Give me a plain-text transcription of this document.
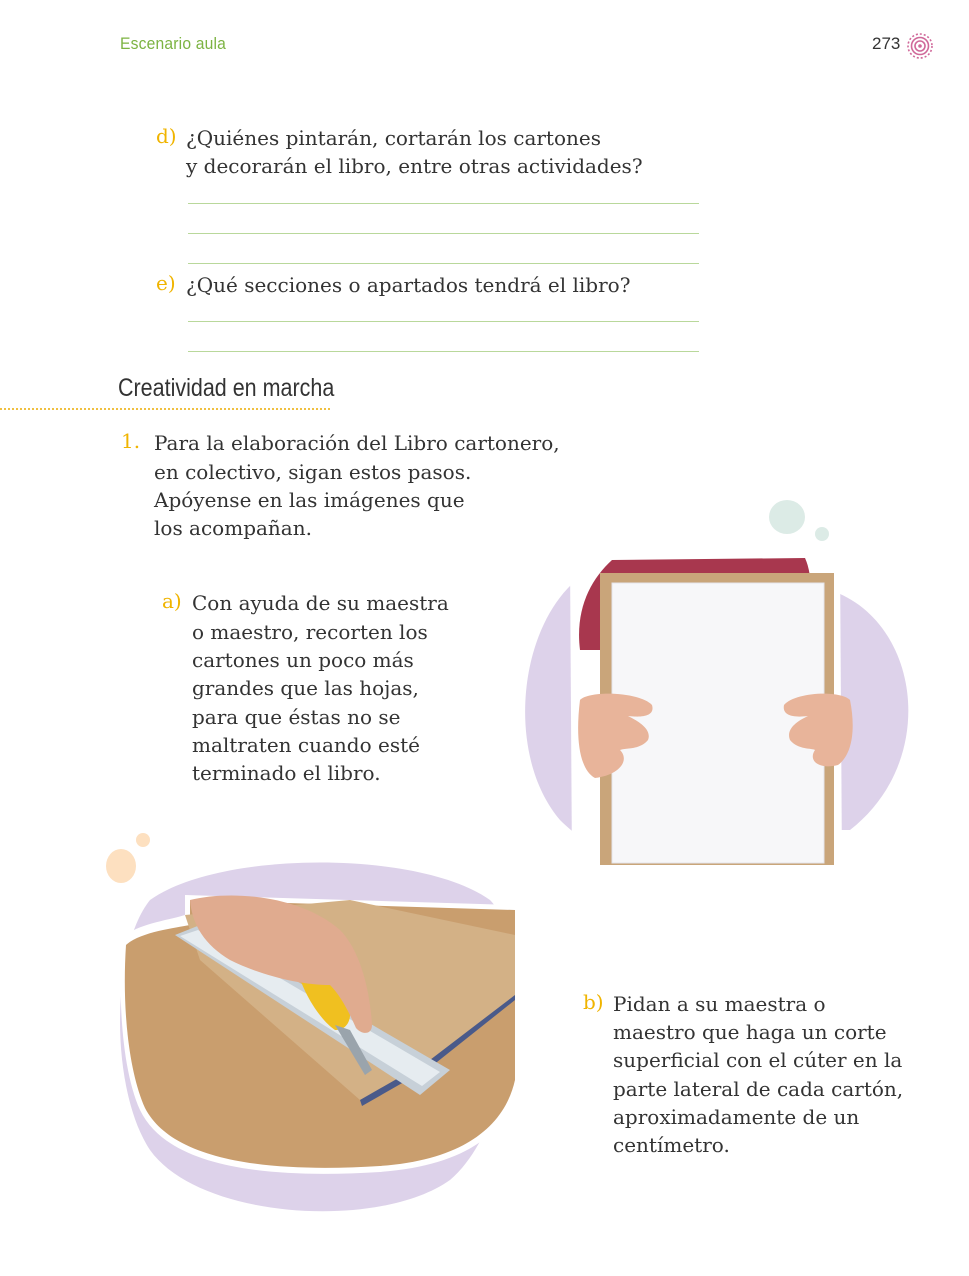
Escenario aula	273
d) ¿Quiénes pintarán, cortarán los cartones
y decorarán el libro, entre otras actividades?
e) ¿Qué secciones o apartados tendrá el libro?
Creatividad en marcha
1. Para la elaboración del Libro cartonero,
en colectivo, sigan estos pasos.
Apóyense en las imágenes que
los acompañan.
a) Con ayuda de su maestra
o maestro, recorten los
cartones un poco más
grandes que las hojas,
para que éstas no se
maltraten cuando esté
terminado el libro.
b) Pidan a su maestra o
maestro que haga un corte
superficial con el cúter en la
parte lateral de cada cartón,
aproximadamente de un
centímetro.
